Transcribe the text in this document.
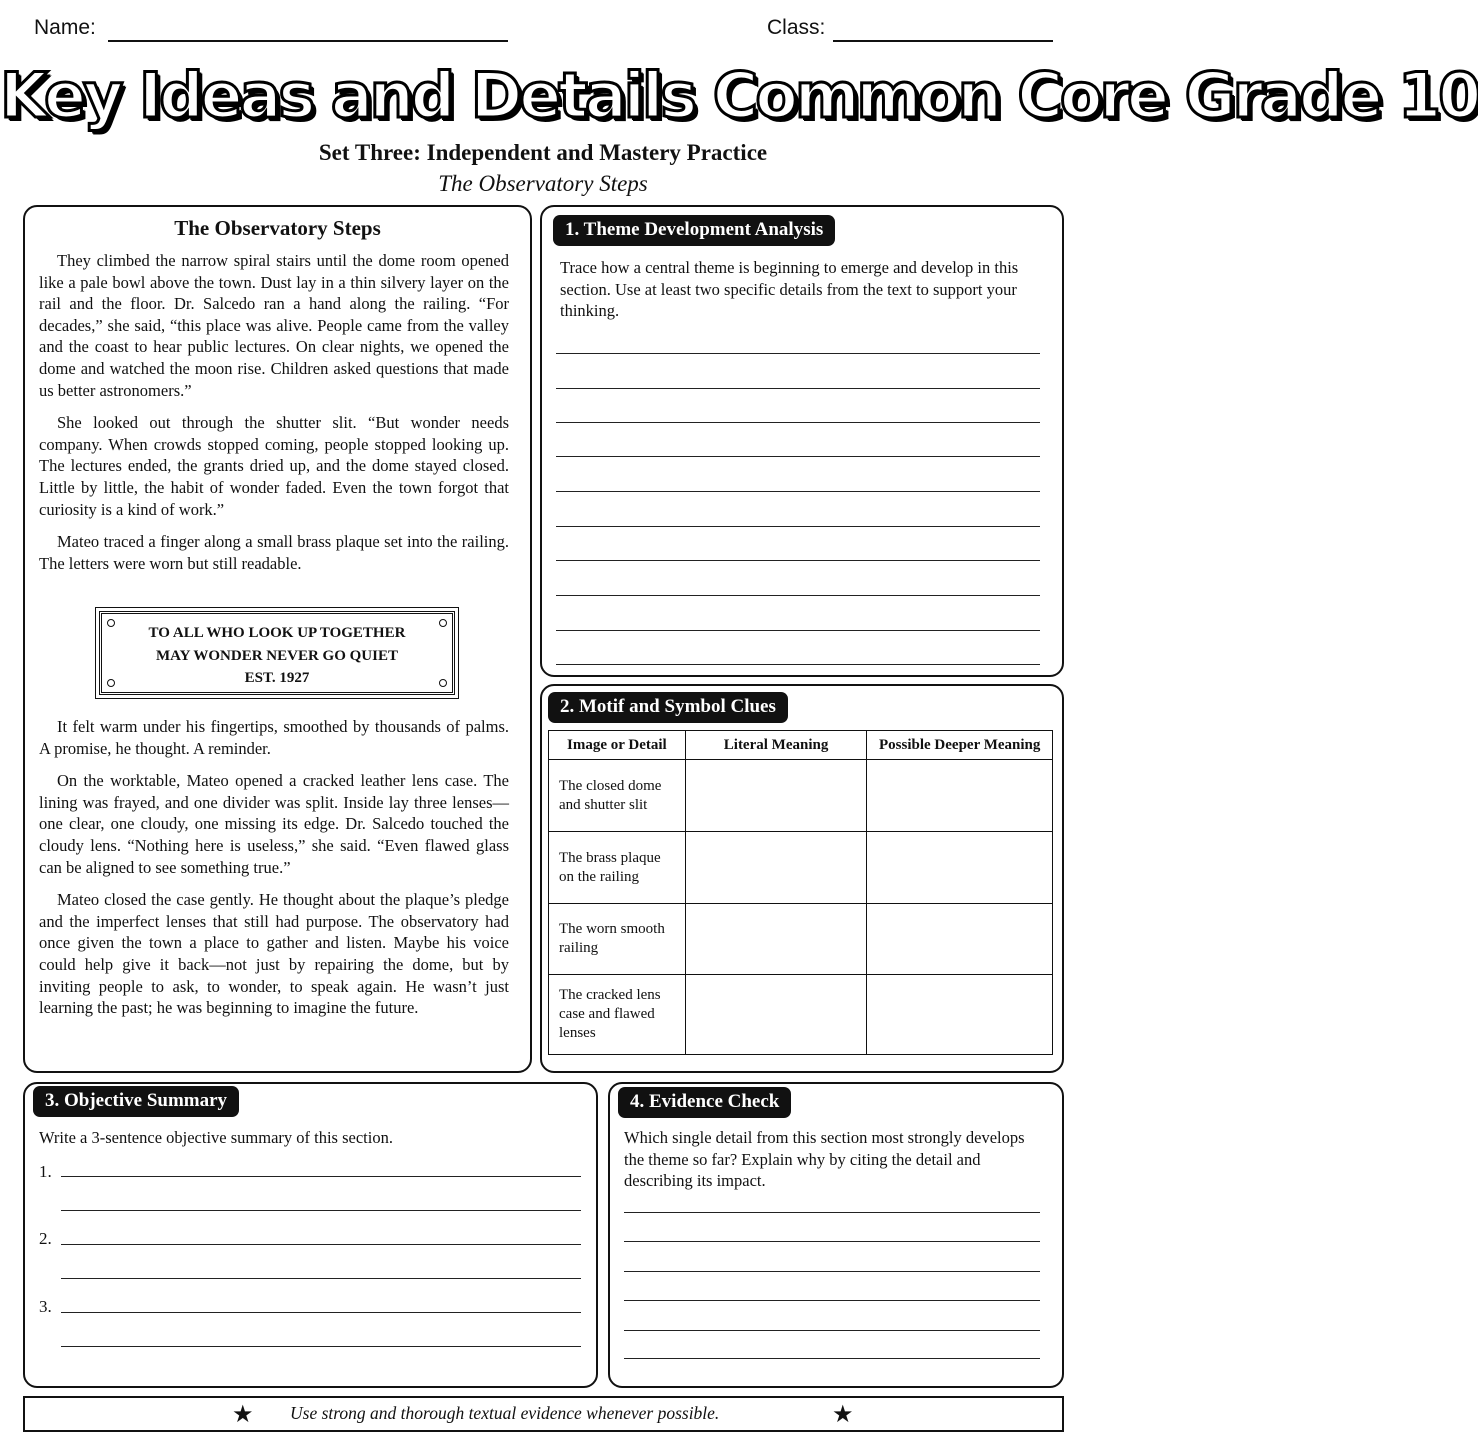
Name:	Class:
Key Ideas and Details Common Core Grade 10
Set Three: Independent and Mastery Practice
The Observatory Steps
The Observatory Steps

They climbed the narrow spiral stairs until the dome room opened like a pale bowl above the town. Dust lay in a thin silvery layer on the rail and the floor. Dr. Salcedo ran a hand along the railing. “For decades,” she said, “this place was alive. People came from the valley and the coast to hear public lectures. On clear nights, we opened the dome and watched the moon rise. Children asked questions that made us better astronomers.”

She looked out through the shutter slit. “But wonder needs company. When crowds stopped coming, people stopped looking up. The lectures ended, the grants dried up, and the dome stayed closed. Little by little, the habit of wonder faded. Even the town forgot that curiosity is a kind of work.”

Mateo traced a finger along a small brass plaque set into the railing. The letters were worn but still readable.

TO ALL WHO LOOK UP TOGETHER
MAY WONDER NEVER GO QUIET
EST. 1927

It felt warm under his fingertips, smoothed by thousands of palms. A promise, he thought. A reminder.

On the worktable, Mateo opened a cracked leather lens case. The lining was frayed, and one divider was split. Inside lay three lenses—one clear, one cloudy, one missing its edge. Dr. Salcedo touched the cloudy lens. “Nothing here is useless,” she said. “Even flawed glass can be aligned to see something true.”

Mateo closed the case gently. He thought about the plaque’s pledge and the imperfect lenses that still had purpose. The observatory had once given the town a place to gather and listen. Maybe his voice could help give it back—not just by repairing the dome, but by inviting people to ask, to wonder, to speak again. He wasn’t just learning the past; he was beginning to imagine the future.

1. Theme Development Analysis
Trace how a central theme is beginning to emerge and develop in this section. Use at least two specific details from the text to support your thinking.
2. Motif and Symbol Clues
Image or Detail	Literal Meaning	Possible Deeper Meaning
The closed dome and shutter slit		
The brass plaque on the railing		
The worn smooth railing		
The cracked lens case and flawed lenses		
3. Objective Summary
Write a 3-sentence objective summary of this section.
1.
2.
3.
4. Evidence Check
Which single detail from this section most strongly develops the theme so far? Explain why by citing the detail and describing its impact.
★ Use strong and thorough textual evidence whenever possible.	★
